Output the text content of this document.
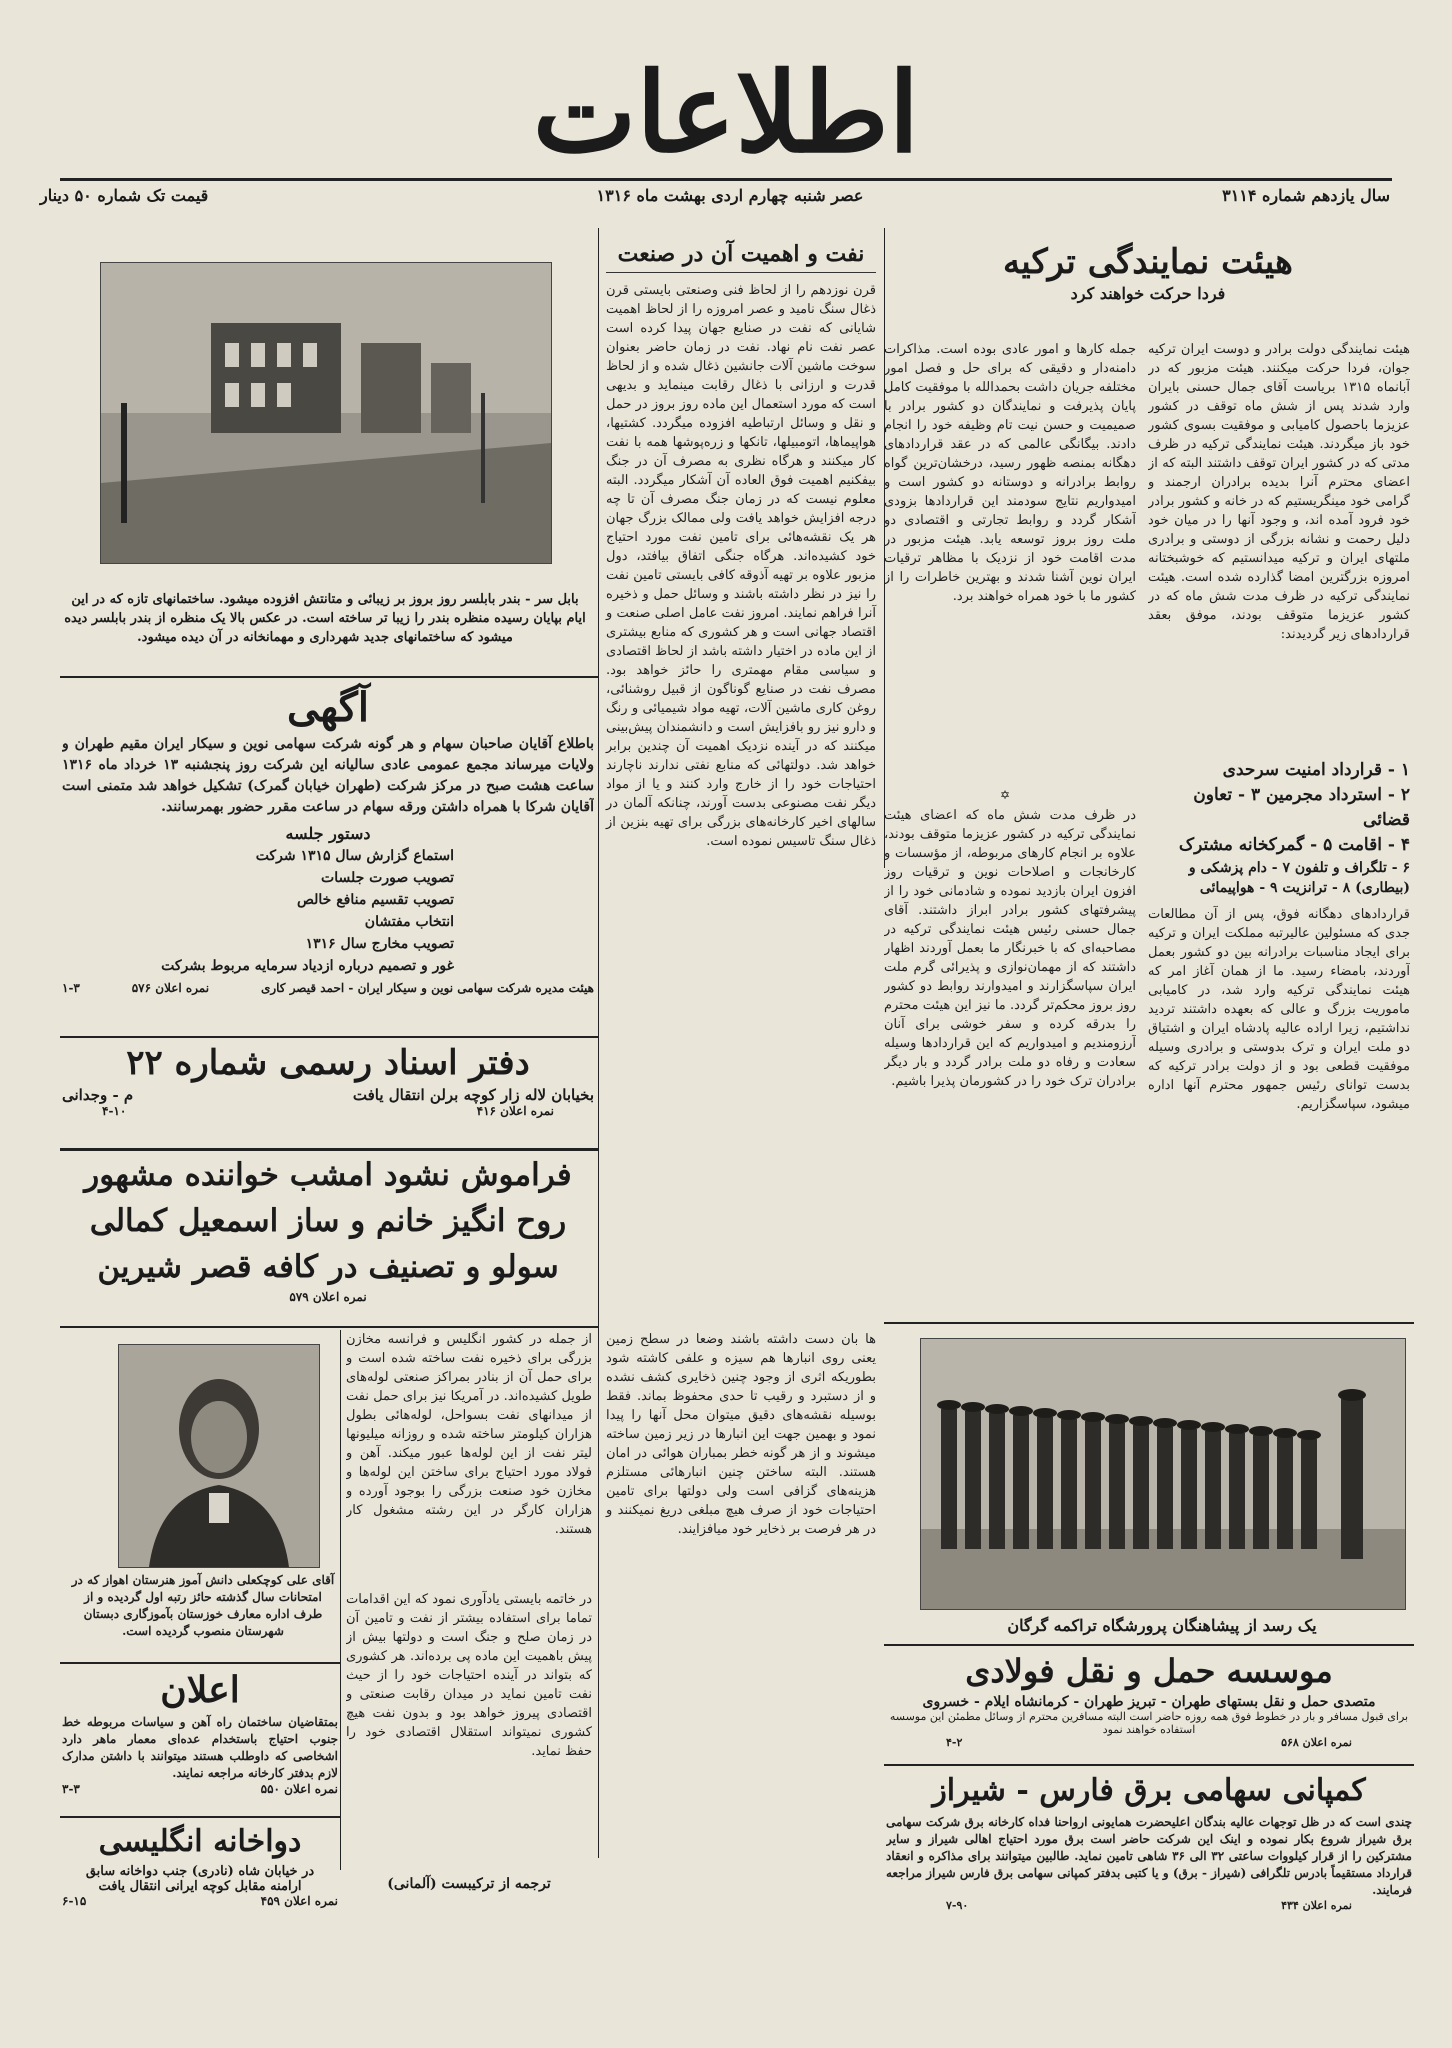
اطلاعات
سال یازدهم شماره ۳۱۱۴
عصر شنبه چهارم اردی بهشت ماه ۱۳۱۶
قیمت تک شماره ۵۰ دینار
هیئت نمایندگی ترکیه
فردا حرکت خواهند کرد

هیئت نمایندگی دولت برادر و دوست ایران ترکیه جوان، فردا حرکت میکنند. هیئت مزبور که در آبانماه ۱۳۱۵ بریاست آقای جمال حسنی بایران وارد شدند پس از شش ماه توقف در کشور عزیزما باحصول کامیابی و موفقیت بسوی کشور خود باز میگردند. هیئت نمایندگی ترکیه در ظرف مدتی که در کشور ایران توقف داشتند البته که از اعضای محترم آنرا بدیده برادران ارجمند و گرامی خود مینگریستیم که در خانه و کشور برادر خود فرود آمده اند، و وجود آنها را در میان خود دلیل رحمت و نشانه بزرگی از دوستی و برادری ملتهای ایران و ترکیه میدانستیم که خوشبختانه امروزه بزرگترین امضا گذارده شده است. هیئت نمایندگی ترکیه در ظرف مدت شش ماه که در کشور عزیزما متوقف بودند، موفق بعقد قراردادهای زیر گردیدند:

۱ - قرارداد امنیت سرحدی
۲ - استرداد مجرمین ۳ - تعاون قضائی
۴ - اقامت ۵ - گمرکخانه مشترک
۶ - تلگراف و تلفون ۷ - دام پزشکی و (بیطاری) ۸ - ترانزیت ۹ - هواپیمائی

قراردادهای دهگانه فوق، پس از آن مطالعات جدی که مسئولین عالیرتبه مملکت ایران و ترکیه برای ایجاد مناسبات برادرانه بین دو کشور بعمل آوردند، بامضاء رسید. ما از همان آغاز امر که هیئت نمایندگی ترکیه وارد شد، در کامیابی ماموریت بزرگ و عالی که بعهده داشتند تردید نداشتیم، زیرا اراده عالیه پادشاه ایران و اشتیاق دو ملت ایران و ترک بدوستی و برادری وسیله موفقیت قطعی بود و از دولت برادر ترکیه که بدست توانای رئیس جمهور محترم آنها اداره میشود، سپاسگزاریم.

جمله کارها و امور عادی بوده است. مذاکرات دامنه‌دار و دقیقی که برای حل و فصل امور مختلفه جریان داشت بحمدالله با موفقیت کامل پایان پذیرفت و نمایندگان دو کشور برادر با صمیمیت و حسن نیت تام وظیفه خود را انجام دادند. بیگانگی عالمی که در عقد قراردادهای دهگانه بمنصه ظهور رسید، درخشان‌ترین گواه روابط برادرانه و دوستانه دو کشور است و امیدواریم نتایج سودمند این قراردادها بزودی آشکار گردد و روابط تجارتی و اقتصادی دو ملت روز بروز توسعه یابد. هیئت مزبور در مدت اقامت خود از نزدیک با مظاهر ترقیات ایران نوین آشنا شدند و بهترین خاطرات را از کشور ما با خود همراه خواهند برد.

✡

در ظرف مدت شش ماه که اعضای هیئت نمایندگی ترکیه در کشور عزیزما متوقف بودند، علاوه بر انجام کارهای مربوطه، از مؤسسات و کارخانجات و اصلاحات نوین و ترقیات روز افزون ایران بازدید نموده و شادمانی خود را از پیشرفتهای کشور برادر ابراز داشتند. آقای جمال حسنی رئیس هیئت نمایندگی ترکیه در مصاحبه‌ای که با خبرنگار ما بعمل آوردند اظهار داشتند که از مهمان‌نوازی و پذیرائی گرم ملت ایران سپاسگزارند و امیدوارند روابط دو کشور روز بروز محکم‌تر گردد. ما نیز این هیئت محترم را بدرقه کرده و سفر خوشی برای آنان آرزومندیم و امیدواریم که این قراردادها وسیله سعادت و رفاه دو ملت برادر گردد و بار دیگر برادران ترک خود را در کشورمان پذیرا باشیم.

نفت و اهمیت آن در صنعت

قرن نوزدهم را از لحاظ فنی وصنعتی بایستی قرن ذغال سنگ نامید و عصر امروزه را از لحاظ اهمیت شایانی که نفت در صنایع جهان پیدا کرده است عصر نفت نام نهاد. نفت در زمان حاضر بعنوان سوخت ماشین آلات جانشین ذغال شده و از لحاظ قدرت و ارزانی با ذغال رقابت مینماید و بدیهی است که مورد استعمال این ماده روز بروز در حمل و نقل و وسائل ارتباطیه افزوده میگردد. کشتیها، هواپیماها، اتومبیلها، تانکها و زره‌پوشها همه با نفت کار میکنند و هرگاه نظری به مصرف آن در جنگ بیفکنیم اهمیت فوق العاده آن آشکار میگردد. البته معلوم نیست که در زمان جنگ مصرف آن تا چه درجه افزایش خواهد یافت ولی ممالک بزرگ جهان هر یک نقشه‌هائی برای تامین نفت مورد احتیاج خود کشیده‌اند. هرگاه جنگی اتفاق بیافتد، دول مزبور علاوه بر تهیه آذوقه کافی بایستی تامین نفت را نیز در نظر داشته باشند و وسائل حمل و ذخیره آنرا فراهم نمایند. امروز نفت عامل اصلی صنعت و اقتصاد جهانی است و هر کشوری که منابع بیشتری از این ماده در اختیار داشته باشد از لحاظ اقتصادی و سیاسی مقام مهمتری را حائز خواهد بود. مصرف نفت در صنایع گوناگون از قبیل روشنائی، روغن کاری ماشین آلات، تهیه مواد شیمیائی و رنگ و دارو نیز رو بافزایش است و دانشمندان پیش‌بینی میکنند که در آینده نزدیک اهمیت آن چندین برابر خواهد شد. دولتهائی که منابع نفتی ندارند ناچارند احتیاجات خود را از خارج وارد کنند و یا از مواد دیگر نفت مصنوعی بدست آورند، چنانکه آلمان در سالهای اخیر کارخانه‌های بزرگی برای تهیه بنزین از ذغال سنگ تاسیس نموده است.

ها بان دست داشته باشند وضعا در سطح زمین یعنی روی انبارها هم سیزه و علفی کاشته شود بطوریکه اثری از وجود چنین ذخایری کشف نشده و از دستبرد و رقیب تا حدی محفوظ بماند. فقط بوسیله نقشه‌های دقیق میتوان محل آنها را پیدا نمود و بهمین جهت این انبارها در زیر زمین ساخته میشوند و از هر گونه خطر بمباران هوائی در امان هستند. البته ساختن چنین انبارهائی مستلزم هزینه‌های گزافی است ولی دولتها برای تامین احتیاجات خود از صرف هیچ مبلغی دریغ نمیکنند و در هر فرصت بر ذخایر خود میافزایند.

از جمله در کشور انگلیس و فرانسه مخازن بزرگی برای ذخیره نفت ساخته شده است و برای حمل آن از بنادر بمراکز صنعتی لوله‌های طویل کشیده‌اند. در آمریکا نیز برای حمل نفت از میدانهای نفت بسواحل، لوله‌هائی بطول هزاران کیلومتر ساخته شده و روزانه میلیونها لیتر نفت از این لوله‌ها عبور میکند. آهن و فولاد مورد احتیاج برای ساختن این لوله‌ها و مخازن خود صنعت بزرگی را بوجود آورده و هزاران کارگر در این رشته مشغول کار هستند.

در خاتمه بایستی یادآوری نمود که این اقدامات تماما برای استفاده بیشتر از نفت و تامین آن در زمان صلح و جنگ است و دولتها بیش از پیش باهمیت این ماده پی برده‌اند. هر کشوری که بتواند در آینده احتیاجات خود را از حیث نفت تامین نماید در میدان رقابت صنعتی و اقتصادی پیروز خواهد بود و بدون نفت هیچ کشوری نمیتواند استقلال اقتصادی خود را حفظ نماید.

ترجمه از ترکیبست (آلمانی)

بابل سر - بندر بابلسر روز بروز بر زیبائی و متانتش افزوده میشود. ساختمانهای تازه که در این ایام بپایان رسیده منظره بندر را زیبا تر ساخته است. در عکس بالا یک منظره از بندر بابلسر دیده میشود که ساختمانهای جدید شهرداری و مهمانخانه در آن دیده میشود.

آگهی

باطلاع آقایان صاحبان سهام و هر گونه شرکت سهامی نوین و سیکار ایران مقیم طهران و ولایات میرساند مجمع عمومی عادی سالیانه این شرکت روز پنجشنبه ۱۳ خرداد ماه ۱۳۱۶ ساعت هشت صبح در مرکز شرکت (طهران خیابان گمرک) تشکیل خواهد شد متمنی است آقایان شرکا با همراه داشتن ورقه سهام در ساعت مقرر حضور بهمرسانند.

دستور جلسه
استماع گزارش سال ۱۳۱۵ شرکت
تصویب صورت جلسات
تصویب تقسیم منافع خالص
انتخاب مفتشان
تصویب مخارج سال ۱۳۱۶
غور و تصمیم درباره ازدیاد سرمایه مربوط بشرکت
هیئت مدیره شرکت سهامی نوین و سیکار ایران - احمد قیصر کاری
نمره اعلان ۵۷۶
۱-۳
دفتر اسناد رسمی شماره ۲۲
بخیابان لاله زار کوچه برلن انتقال یافت
م - وجدانی
نمره اعلان ۴۱۶
۴-۱۰
فراموش نشود امشب خواننده مشهور
روح انگیز خانم و ساز اسمعیل کمالی
سولو و تصنیف در کافه قصر شیرین
نمره اعلان ۵۷۹

آقای علی کوچکعلی دانش آموز هنرستان اهواز که در امتحانات سال گذشته حائز رتبه اول گردیده و از طرف اداره معارف خوزستان بآموزگاری دبستان شهرستان منصوب گردیده است.

اعلان

بمتقاضیان ساختمان راه آهن و سیاسات مربوطه خط جنوب احتیاج باستخدام عده‌ای معمار ماهر دارد اشخاصی که داوطلب هستند میتوانند با داشتن مدارک لازم بدفتر کارخانه مراجعه نمایند.

نمره اعلان ۵۵۰
۳-۳
دواخانه انگلیسی
در خیابان شاه (نادری) جنب دواخانه سابق
ارامنه مقابل کوچه ایرانی انتقال یافت
نمره اعلان ۴۵۹
۶-۱۵
یک رسد از پیشاهنگان پرورشگاه تراکمه گرگان
موسسه حمل و نقل فولادی
متصدی حمل و نقل بستهای طهران - تبریز طهران - کرمانشاه ایلام - خسروی
برای قبول مسافر و بار در خطوط فوق همه روزه حاضر است البته مسافرین محترم از وسائل مطمئن این موسسه استفاده خواهند نمود
نمره اعلان ۵۶۸
۴-۲
کمپانی سهامی برق فارس - شیراز

چندی است که در ظل توجهات عالیه بندگان اعلیحضرت همایونی ارواحنا فداه کارخانه برق شرکت سهامی برق شیراز شروع بکار نموده و اینک این شرکت حاضر است برق مورد احتیاج اهالی شیراز و سایر مشترکین را از قرار کیلووات ساعتی ۳۲ الی ۳۶ شاهی تامین نماید. طالبین میتوانند برای مذاکره و انعقاد قرارداد مستقیماً بادرس تلگرافی (شیراز - برق) و یا کتبی بدفتر کمپانی سهامی برق فارس شیراز مراجعه فرمایند.

نمره اعلان ۴۳۴
۷-۹۰
